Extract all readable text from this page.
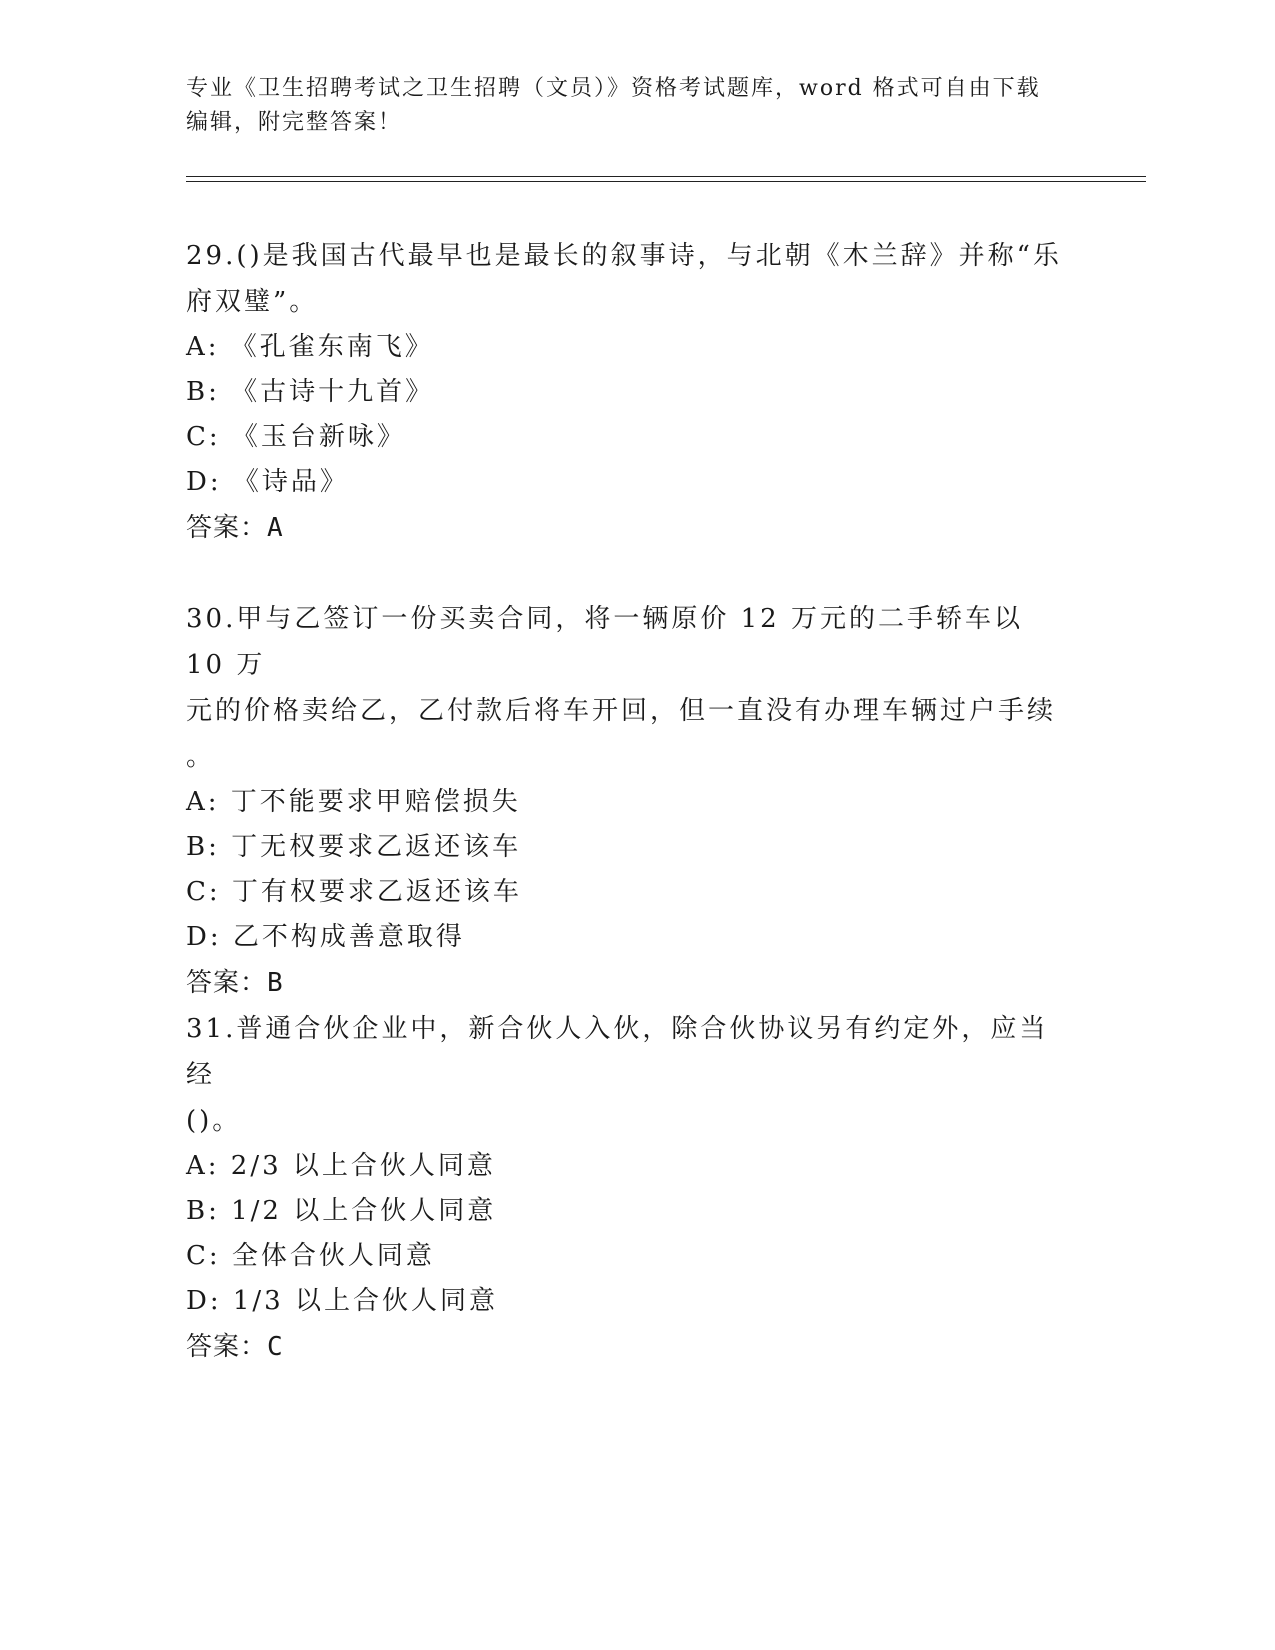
专业《卫生招聘考试之卫生招聘（文员）》资格考试题库，word 格式可自由下载
编辑，附完整答案！

29.()是我国古代最早也是最长的叙事诗，与北朝《木兰辞》并称“乐

府双璧”。

A: 《孔雀东南飞》

B: 《古诗十九首》

C: 《玉台新咏》

D: 《诗品》

答案：A

30.甲与乙签订一份买卖合同，将一辆原价 12 万元的二手轿车以 10 万

元的价格卖给乙，乙付款后将车开回，但一直没有办理车辆过户手续

。

A: 丁不能要求甲赔偿损失

B: 丁无权要求乙返还该车

C: 丁有权要求乙返还该车

D: 乙不构成善意取得

答案：B

31.普通合伙企业中，新合伙人入伙，除合伙协议另有约定外，应当经

()。

A: 2/3 以上合伙人同意

B: 1/2 以上合伙人同意

C: 全体合伙人同意

D: 1/3 以上合伙人同意

答案：C
